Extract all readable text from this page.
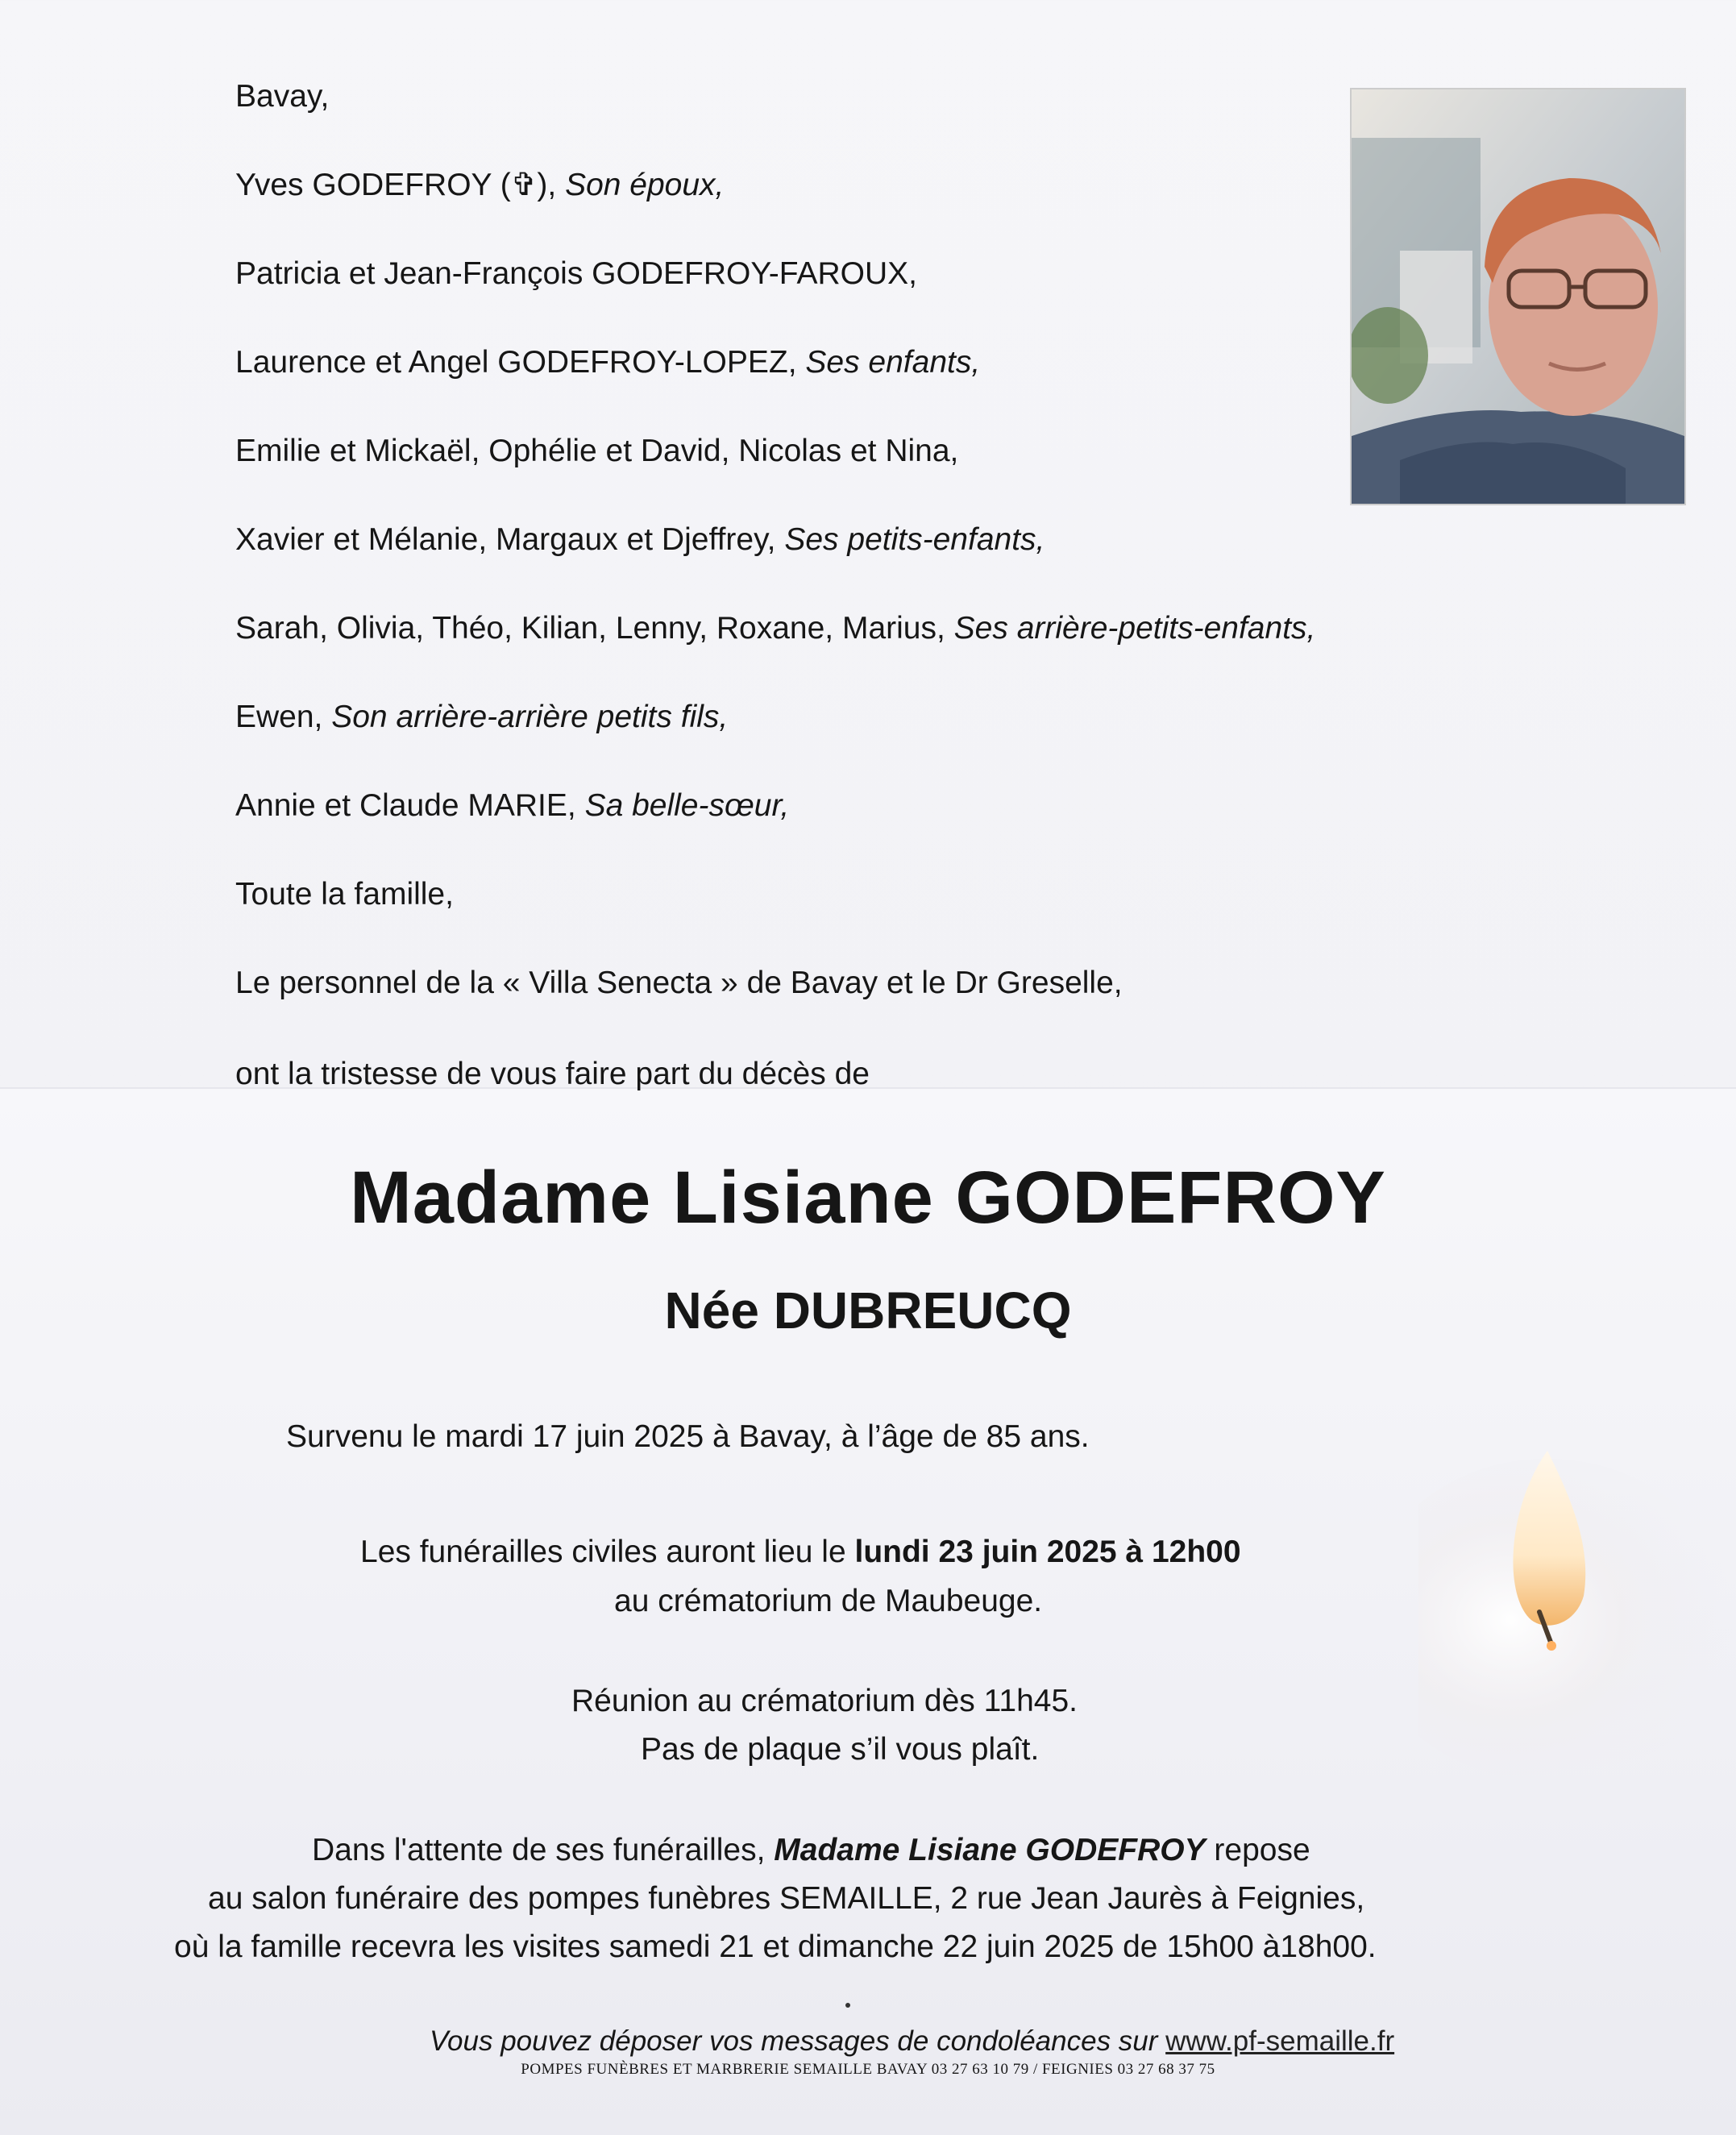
Bavay,
Yves GODEFROY (✞), Son époux,
Patricia et Jean-François GODEFROY-FAROUX,
Laurence et Angel GODEFROY-LOPEZ, Ses enfants,
Emilie et Mickaël, Ophélie et David, Nicolas et Nina,
Xavier et Mélanie, Margaux et Djeffrey, Ses petits-enfants,
Sarah, Olivia, Théo, Kilian, Lenny, Roxane, Marius, Ses arrière-petits-enfants,
Ewen, Son arrière-arrière petits fils,
Annie et Claude MARIE, Sa belle-sœur,
Toute la famille,
Le personnel de la « Villa Senecta » de Bavay et le Dr Greselle,
ont la tristesse de vous faire part du décès de
Madame Lisiane GODEFROY
Née DUBREUCQ
Survenu le mardi 17 juin 2025 à Bavay, à l’âge de 85 ans.
Les funérailles civiles auront lieu le lundi 23 juin 2025 à 12h00
au crématorium de Maubeuge.
Réunion au crématorium dès 11h45.
Pas de plaque s’il vous plaît.
Dans l'attente de ses funérailles, Madame Lisiane GODEFROY repose
au salon funéraire des pompes funèbres SEMAILLE, 2 rue Jean Jaurès à Feignies,
où la famille recevra les visites samedi 21 et dimanche 22 juin 2025 de 15h00 à18h00.
Vous pouvez déposer vos messages de condoléances sur www.pf-semaille.fr
POMPES FUNÈBRES ET MARBRERIE SEMAILLE BAVAY 03 27 63 10 79 / FEIGNIES 03 27 68 37 75
